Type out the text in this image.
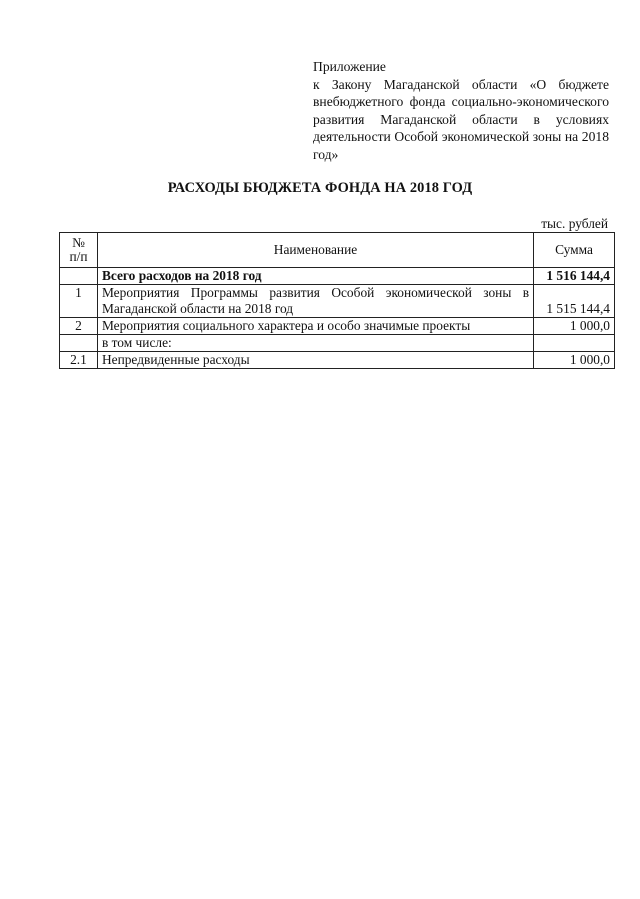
Приложение
к Закону Магаданской области «О бюджете внебюджетного фонда социально-экономического развития Магаданской области в условиях деятельности Особой экономической зоны на 2018 год»
РАСХОДЫ БЮДЖЕТА ФОНДА НА 2018 ГОД
тыс. рублей
№
п/п	Наименование	Сумма
	Всего расходов на 2018 год	1 516 144,4
1	Мероприятия Программы развития Особой экономической зоны в Магаданской области на 2018 год	1 515 144,4
2	Мероприятия социального характера и особо значимые проекты	1 000,0
	в том числе:	
2.1	Непредвиденные расходы	1 000,0
